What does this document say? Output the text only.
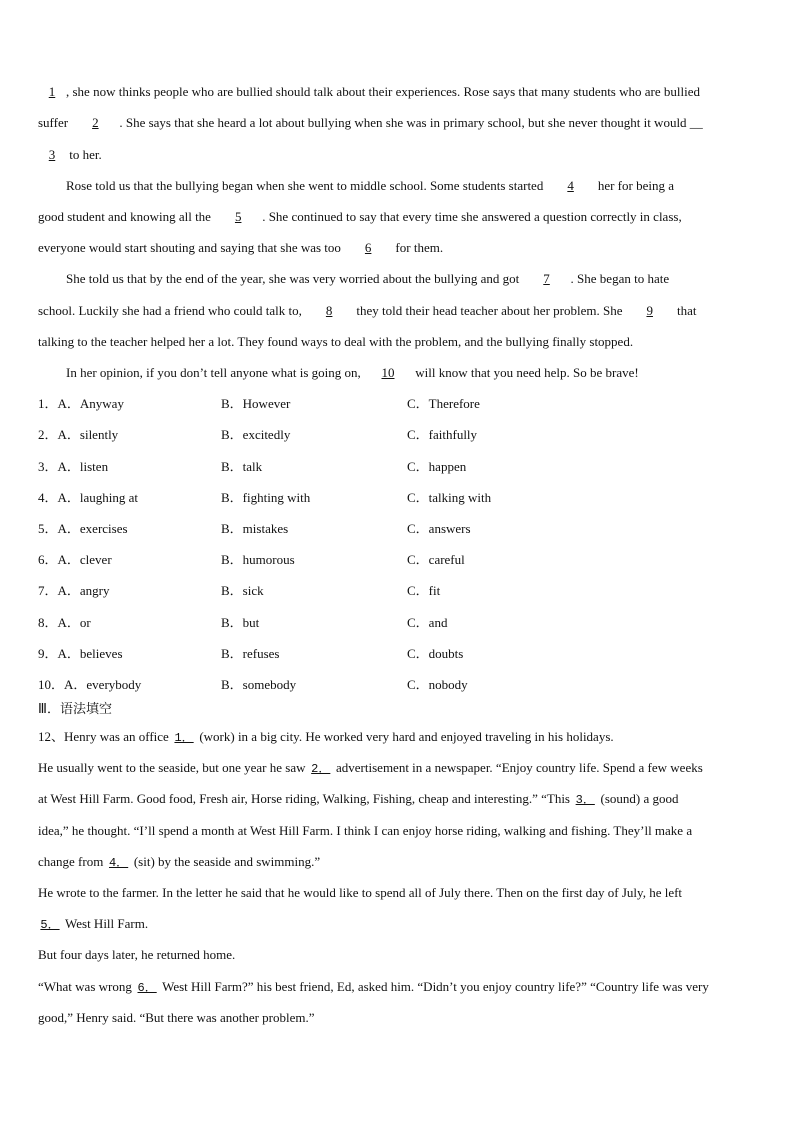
1 , she now thinks people who are bullied should talk about their experiences. Rose says that many students who are bullied
suffer 2 . She says that she heard a lot about bullying when she was in primary school, but she never thought it would __
3 to her.
Rose told us that the bullying began when she went to middle school. Some students started 4 her for being a
good student and knowing all the 5 . She continued to say that every time she answered a question correctly in class,
everyone would start shouting and saying that she was too 6 for them.
She told us that by the end of the year, she was very worried about the bullying and got 7 . She began to hate
school. Luckily she had a friend who could talk to, 8 they told their head teacher about her problem. She 9 that
talking to the teacher helped her a lot. They found ways to deal with the problem, and the bullying finally stopped.
In her opinion, if you don’t tell anyone what is going on, 10 will know that you need help. So be brave!
1．A．Anyway	B．However	C．Therefore
2．A．silently	B．excitedly	C．faithfully
3．A．listen	B．talk	C．happen
4．A．laughing at	B．fighting with	C．talking with
5．A．exercises	B．mistakes	C．answers
6．A．clever	B．humorous	C．careful
7．A．angry	B．sick	C．fit
8．A．or	B．but	C．and
9．A．believes	B．refuses	C．doubts
10．A．everybody	B．somebody	C．nobody
Ⅲ．语法填空
12、Henry was an office 1． (work) in a big city. He worked very hard and enjoyed traveling in his holidays.
He usually went to the seaside, but one year he saw 2． advertisement in a newspaper. “Enjoy country life. Spend a few weeks
at West Hill Farm. Good food, Fresh air, Horse riding, Walking, Fishing, cheap and interesting.” “This 3． (sound) a good
idea,” he thought. “I’ll spend a month at West Hill Farm. I think I can enjoy horse riding, walking and fishing. They’ll make a
change from 4． (sit) by the seaside and swimming.”
He wrote to the farmer. In the letter he said that he would like to spend all of July there. Then on the first day of July, he left
5． West Hill Farm.
But four days later, he returned home.
“What was wrong 6． West Hill Farm?” his best friend, Ed, asked him. “Didn’t you enjoy country life?” “Country life was very
good,” Henry said. “But there was another problem.”
